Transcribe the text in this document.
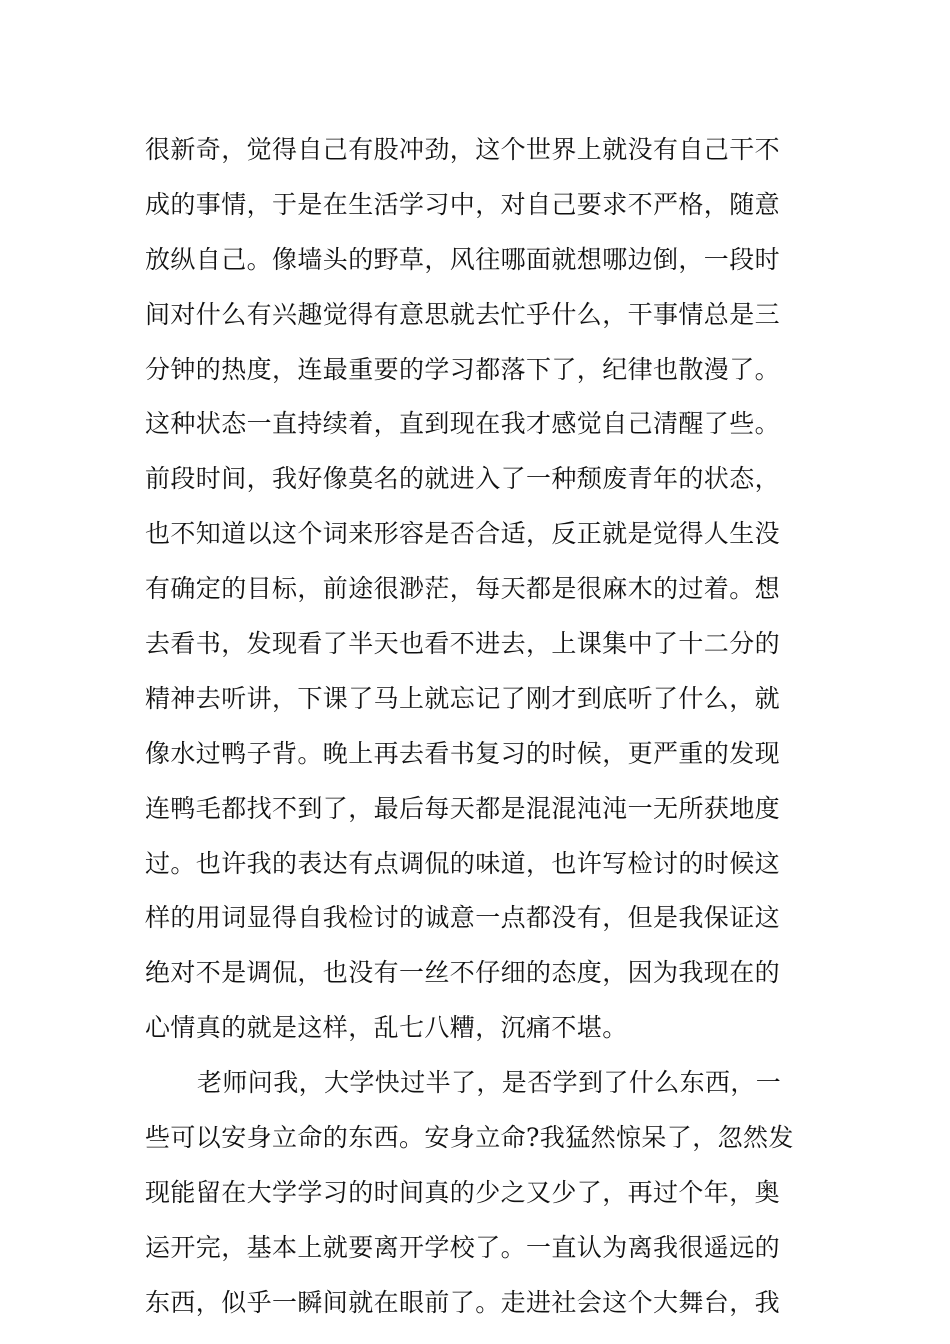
很新奇，觉得自己有股冲劲，这个世界上就没有自己干不
成的事情，于是在生活学习中，对自己要求不严格，随意
放纵自己。像墙头的野草，风往哪面就想哪边倒，一段时
间对什么有兴趣觉得有意思就去忙乎什么，干事情总是三
分钟的热度，连最重要的学习都落下了，纪律也散漫了。
这种状态一直持续着，直到现在我才感觉自己清醒了些。
前段时间，我好像莫名的就进入了一种颓废青年的状态，
也不知道以这个词来形容是否合适，反正就是觉得人生没
有确定的目标，前途很渺茫，每天都是很麻木的过着。想
去看书，发现看了半天也看不进去，上课集中了十二分的
精神去听讲，下课了马上就忘记了刚才到底听了什么，就
像水过鸭子背。晚上再去看书复习的时候，更严重的发现
连鸭毛都找不到了，最后每天都是混混沌沌一无所获地度
过。也许我的表达有点调侃的味道，也许写检讨的时候这
样的用词显得自我检讨的诚意一点都没有，但是我保证这
绝对不是调侃，也没有一丝不仔细的态度，因为我现在的
心情真的就是这样，乱七八糟，沉痛不堪。
老师问我，大学快过半了，是否学到了什么东西，一
些可以安身立命的东西。安身立命?我猛然惊呆了，忽然发
现能留在大学学习的时间真的少之又少了，再过个年，奥
运开完，基本上就要离开学校了。一直认为离我很遥远的
东西，似乎一瞬间就在眼前了。走进社会这个大舞台，我
